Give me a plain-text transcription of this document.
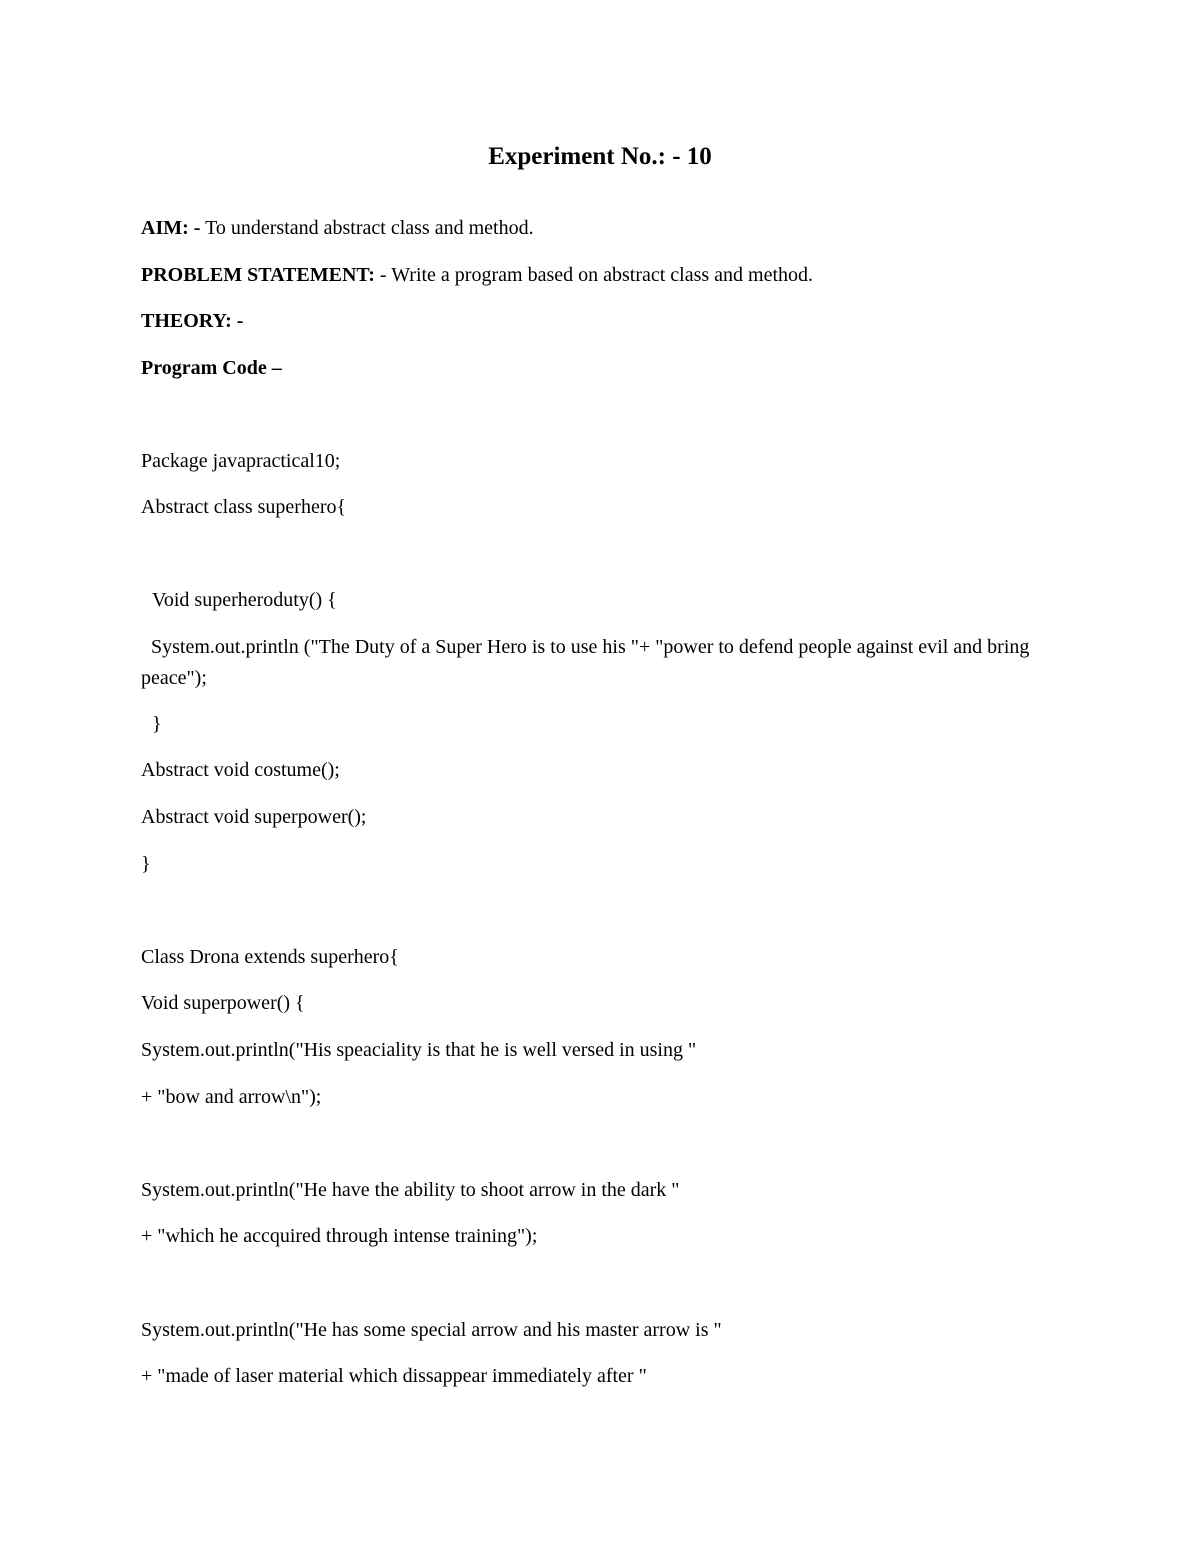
Experiment No.: - 10
AIM: - To understand abstract class and method.
PROBLEM STATEMENT: - Write a program based on abstract class and method.
THEORY: -
Program Code –
Package javapractical10;
Abstract class superhero{
Void superheroduty() {
System.out.println ("The Duty of a Super Hero is to use his "+ "power to defend people against evil and bring peace");
}
Abstract void costume();
Abstract void superpower();
}
Class Drona extends superhero{
Void superpower() {
System.out.println("His speaciality is that he is well versed in using "
+ "bow and arrow\n");
System.out.println("He have the ability to shoot arrow in the dark "
+ "which he accquired through intense training");
System.out.println("He has some special arrow and his master arrow is "
+ "made of laser material which dissappear immediately after "
